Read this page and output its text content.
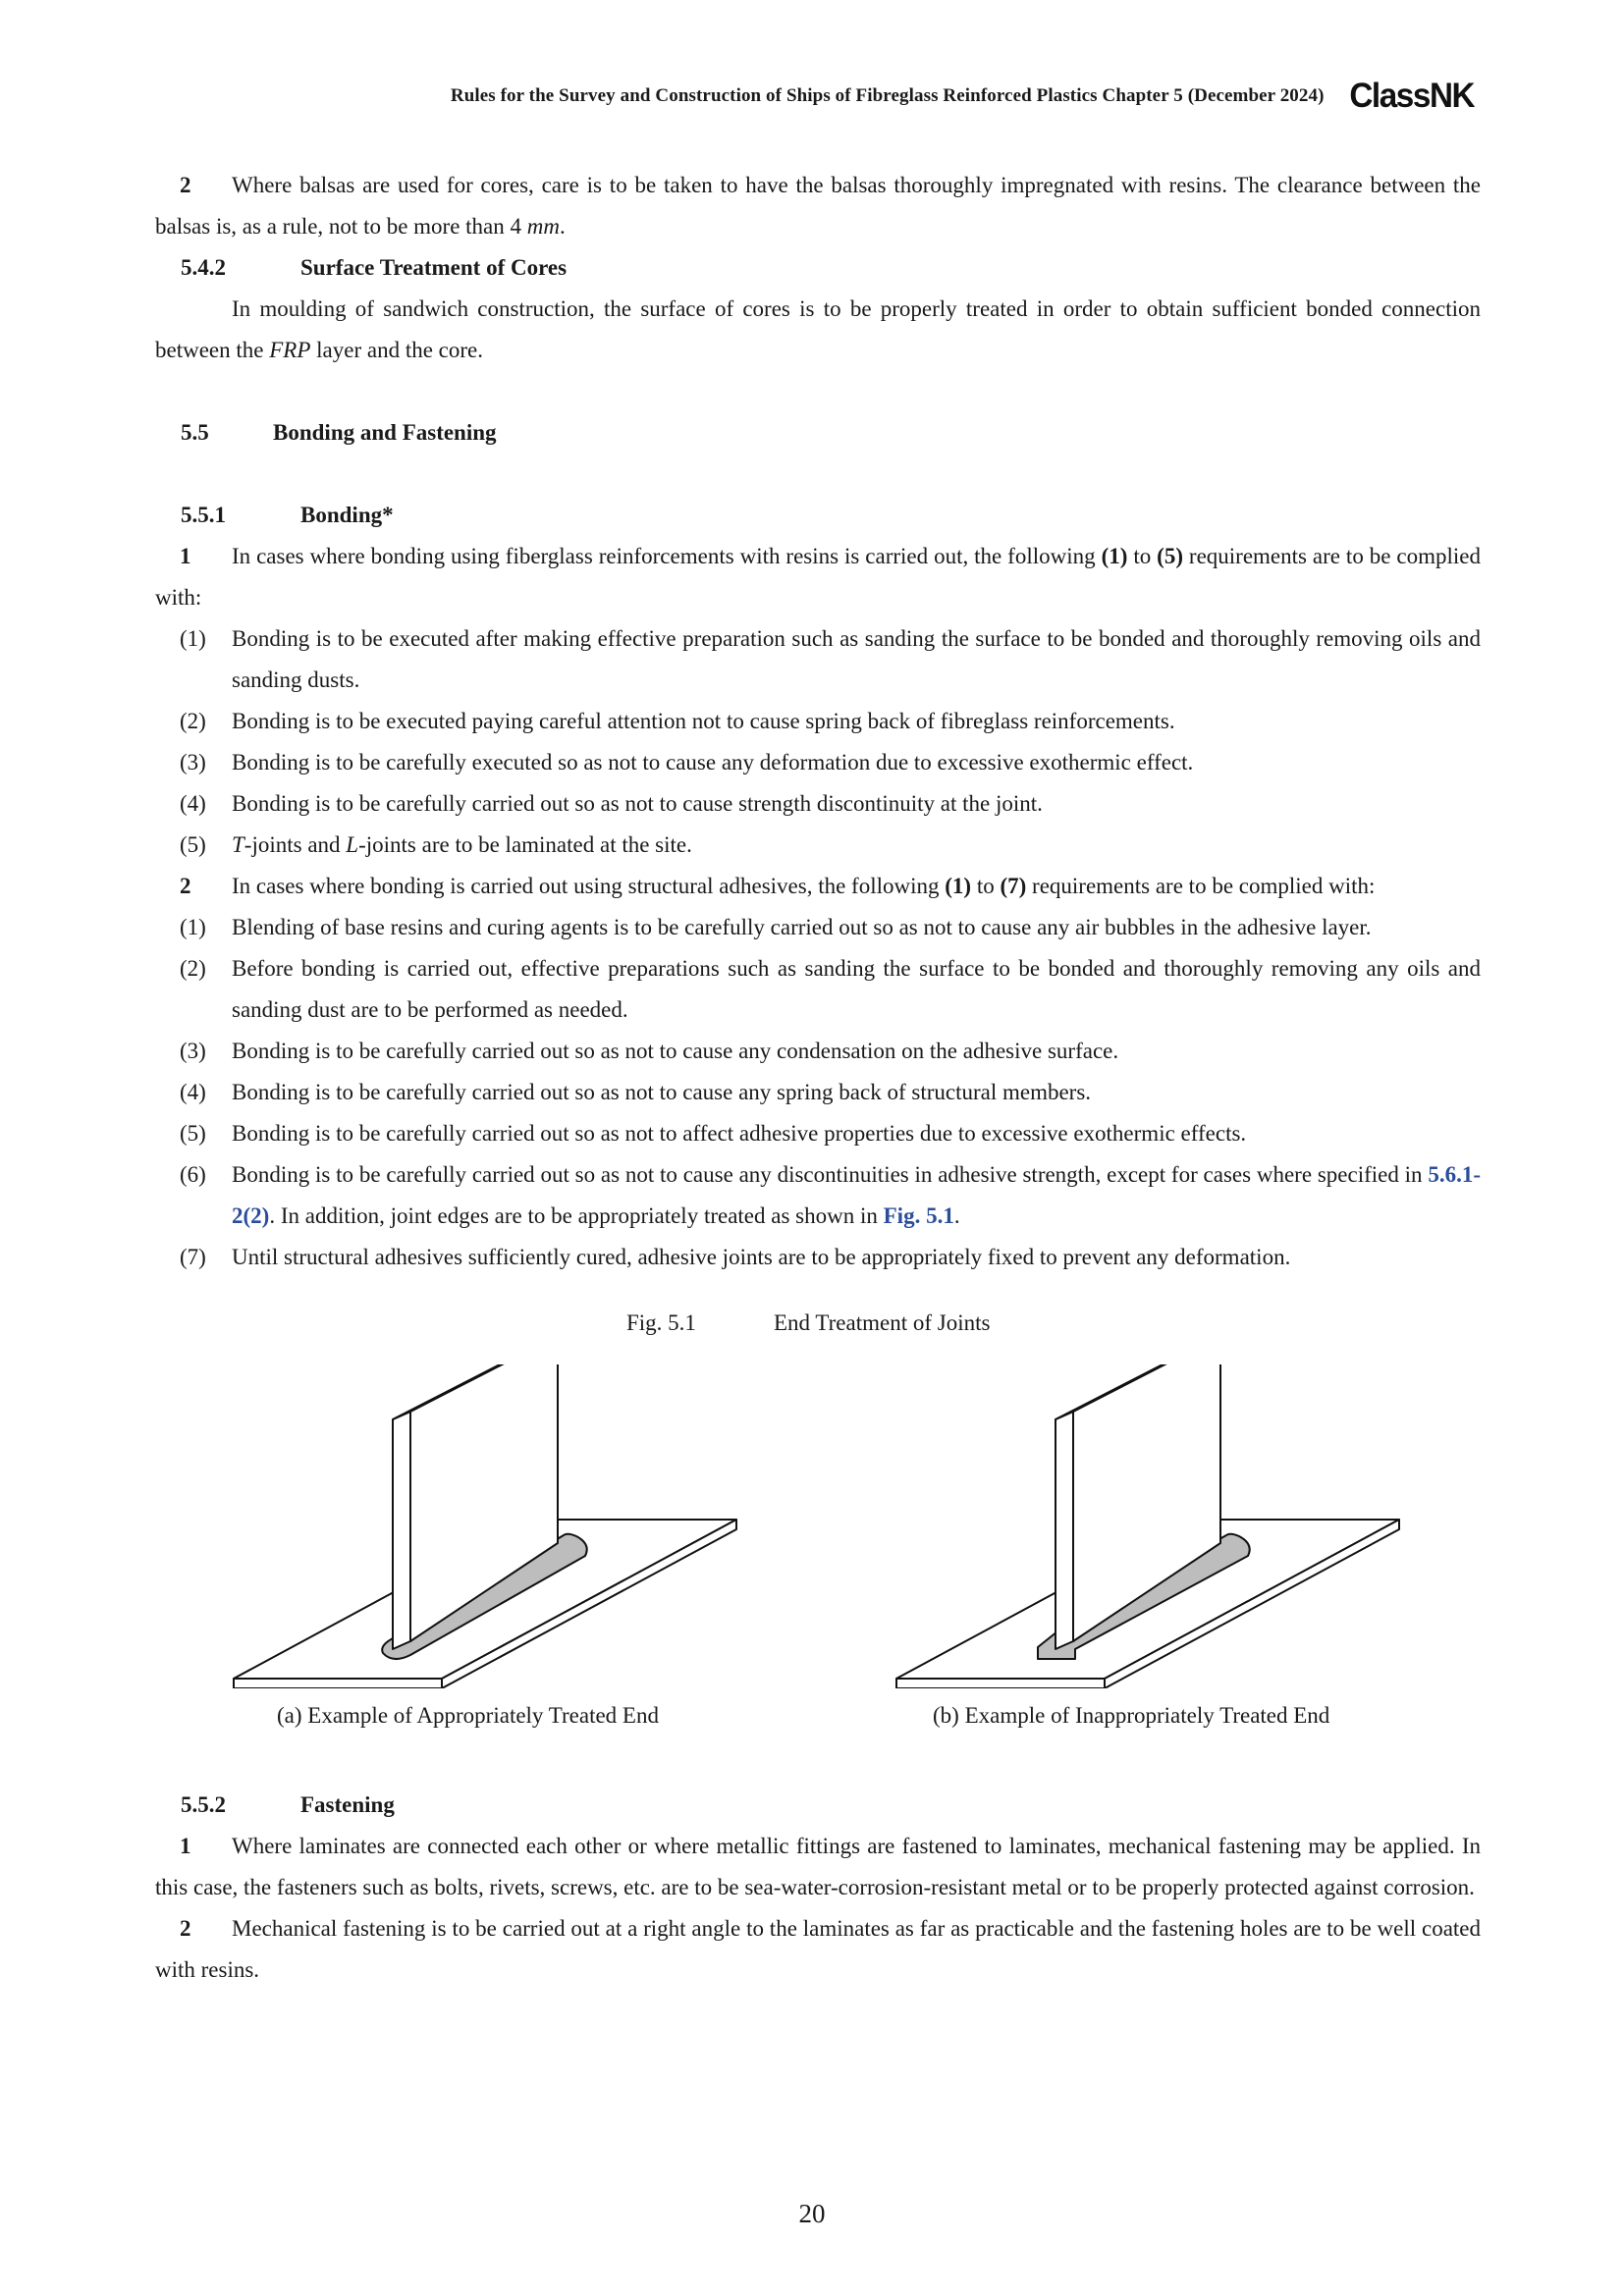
Rules for the Survey and Construction of Ships of Fibreglass Reinforced Plastics Chapter 5 (December 2024) ClassNK

2 Where balsas are used for cores, care is to be taken to have the balsas thoroughly impregnated with resins. The clearance between the balsas is, as a rule, not to be more than 4 mm.

5.4.2	Surface Treatment of Cores

In moulding of sandwich construction, the surface of cores is to be properly treated in order to obtain sufficient bonded connection between the FRP layer and the core.

5.5	Bonding and Fastening
5.5.1	Bonding*

1 In cases where bonding using fiberglass reinforcements with resins is carried out, the following (1) to (5) requirements are to be complied with:

(1) Bonding is to be executed after making effective preparation such as sanding the surface to be bonded and thoroughly removing oils and sanding dusts.

(2) Bonding is to be executed paying careful attention not to cause spring back of fibreglass reinforcements.

(3) Bonding is to be carefully executed so as not to cause any deformation due to excessive exothermic effect.

(4) Bonding is to be carefully carried out so as not to cause strength discontinuity at the joint.

(5) T-joints and L-joints are to be laminated at the site.

2 In cases where bonding is carried out using structural adhesives, the following (1) to (7) requirements are to be complied with:

(1) Blending of base resins and curing agents is to be carefully carried out so as not to cause any air bubbles in the adhesive layer.

(2) Before bonding is carried out, effective preparations such as sanding the surface to be bonded and thoroughly removing any oils and sanding dust are to be performed as needed.

(3) Bonding is to be carefully carried out so as not to cause any condensation on the adhesive surface.

(4) Bonding is to be carefully carried out so as not to cause any spring back of structural members.

(5) Bonding is to be carefully carried out so as not to affect adhesive properties due to excessive exothermic effects.

(6) Bonding is to be carefully carried out so as not to cause any discontinuities in adhesive strength, except for cases where specified in 5.6.1-2(2). In addition, joint edges are to be appropriately treated as shown in Fig. 5.1.

(7) Until structural adhesives sufficiently cured, adhesive joints are to be appropriately fixed to prevent any deformation.

Fig. 5.1	End Treatment of Joints
(a) Example of Appropriately Treated End	(b) Example of Inappropriately Treated End
5.5.2	Fastening

1 Where laminates are connected each other or where metallic fittings are fastened to laminates, mechanical fastening may be applied. In this case, the fasteners such as bolts, rivets, screws, etc. are to be sea-water-corrosion-resistant metal or to be properly protected against corrosion.

2 Mechanical fastening is to be carried out at a right angle to the laminates as far as practicable and the fastening holes are to be well coated with resins.

20
